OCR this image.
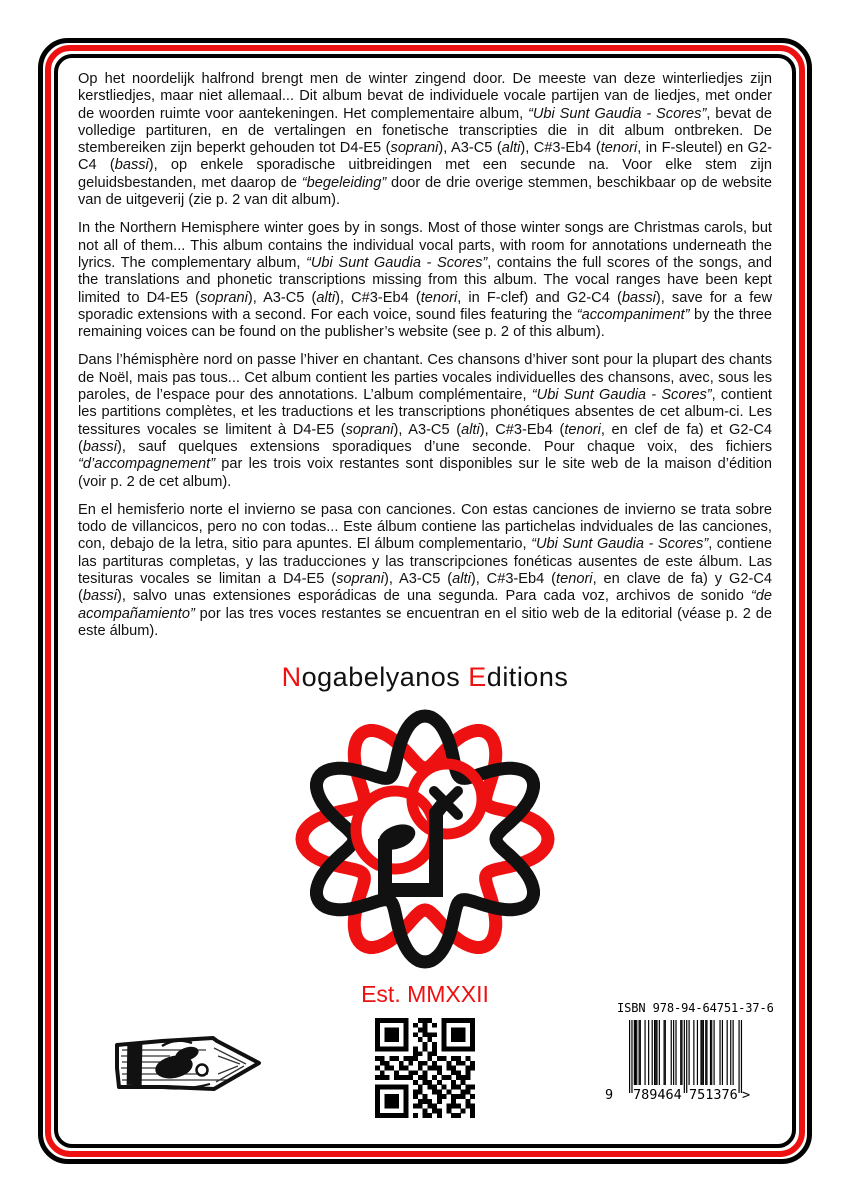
Op het noordelijk halfrond brengt men de winter zingend door. De meeste van deze winterliedjes zijn kerstliedjes, maar niet allemaal... Dit album bevat de individuele vocale partijen van de liedjes, met onder de woorden ruimte voor aantekeningen. Het complementaire album, “Ubi Sunt Gaudia - Scores”, bevat de volledige partituren, en de vertalingen en fonetische transcripties die in dit album ontbreken. De stembereiken zijn beperkt gehouden tot D4-E5 (soprani), A3-C5 (alti), C#3-Eb4 (tenori, in F-sleutel) en G2-C4 (bassi), op enkele sporadische uitbreidingen met een secunde na. Voor elke stem zijn geluidsbestanden, met daarop de “begeleiding” door de drie overige stemmen, beschikbaar op de website van de uitgeverij (zie p. 2 van dit album).

In the Northern Hemisphere winter goes by in songs. Most of those winter songs are Christmas carols, but not all of them... This album contains the individual vocal parts, with room for annotations underneath the lyrics. The complementary album, “Ubi Sunt Gaudia - Scores”, contains the full scores of the songs, and the translations and phonetic transcriptions missing from this album. The vocal ranges have been kept limited to D4-E5 (soprani), A3-C5 (alti), C#3-Eb4 (tenori, in F-clef) and G2-C4 (bassi), save for a few sporadic extensions with a second. For each voice, sound files featuring the “accompaniment” by the three remaining voices can be found on the publisher’s website (see p. 2 of this album).

Dans l’hémisphère nord on passe l’hiver en chantant. Ces chansons d’hiver sont pour la plupart des chants de Noël, mais pas tous... Cet album contient les parties vocales individuelles des chansons, avec, sous les paroles, de l’espace pour des annotations. L’album complémentaire, “Ubi Sunt Gaudia - Scores”, contient les partitions complètes, et les traductions et les transcriptions phonétiques absentes de cet album-ci. Les tessitures vocales se limitent à D4-E5 (soprani), A3-C5 (alti), C#3-Eb4 (tenori, en clef de fa) et G2-C4 (bassi), sauf quelques extensions sporadiques d’une seconde. Pour chaque voix, des fichiers “d’accompagnement” par les trois voix restantes sont disponibles sur le site web de la maison d’édition (voir p. 2 de cet album).

En el hemisferio norte el invierno se pasa con canciones. Con estas canciones de invierno se trata sobre todo de villancicos, pero no con todas... Este álbum contiene las partichelas indviduales de las canciones, con, debajo de la letra, sitio para apuntes. El álbum complementario, “Ubi Sunt Gaudia - Scores”, contiene las partituras completas, y las traducciones y las transcripciones fonéticas ausentes de este álbum. Las tesituras vocales se limitan a D4-E5 (soprani), A3-C5 (alti), C#3-Eb4 (tenori, en clave de fa) y G2-C4 (bassi), salvo unas extensiones esporádicas de una segunda. Para cada voz, archivos de sonido “de acompañamiento” por las tres voces restantes se encuentran en el sitio web de la editorial (véase p. 2 de este álbum).

Nogabelyanos Editions
Est. MMXXII
ISBN 978-94-64751-37-6
9 789464 751376 >
